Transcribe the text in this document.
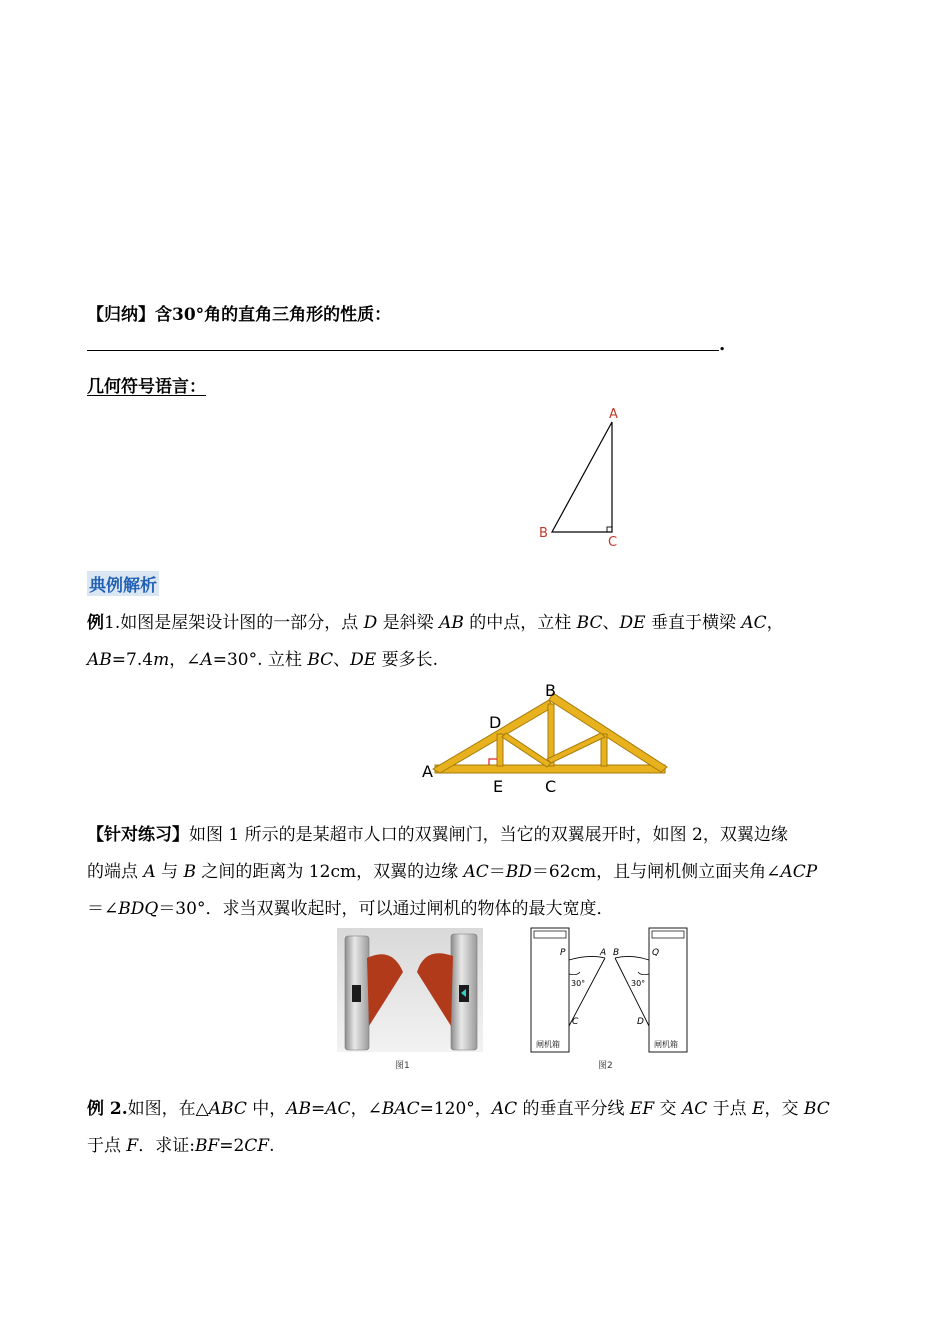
【归纳】含30°角的直角三角形的性质：
.
几何符号语言：
A
B
C
典例解析
例1.如图是屋架设计图的一部分，点 D 是斜梁 AB 的中点，立柱 BC、DE 垂直于横梁 AC，
AB=7.4m，∠A=30°. 立柱 BC、DE 要多长.
A
B
C
D
E
【针对练习】如图 1 所示的是某超市人口的双翼闸门，当它的双翼展开时，如图 2，双翼边缘
的端点 A 与 B 之间的距离为 12cm，双翼的边缘 AC＝BD＝62cm，且与闸机侧立面夹角∠ACP
＝∠BDQ＝30°．求当双翼收起时，可以通过闸机的物体的最大宽度．
图1
P	A B	Q
C	D
30°	30°
闸机箱	闸机箱
图2
例 2.如图，在△ABC 中，AB=AC，∠BAC=120°，AC 的垂直平分线 EF 交 AC 于点 E，交 BC
于点 F．求证:BF=2CF.
